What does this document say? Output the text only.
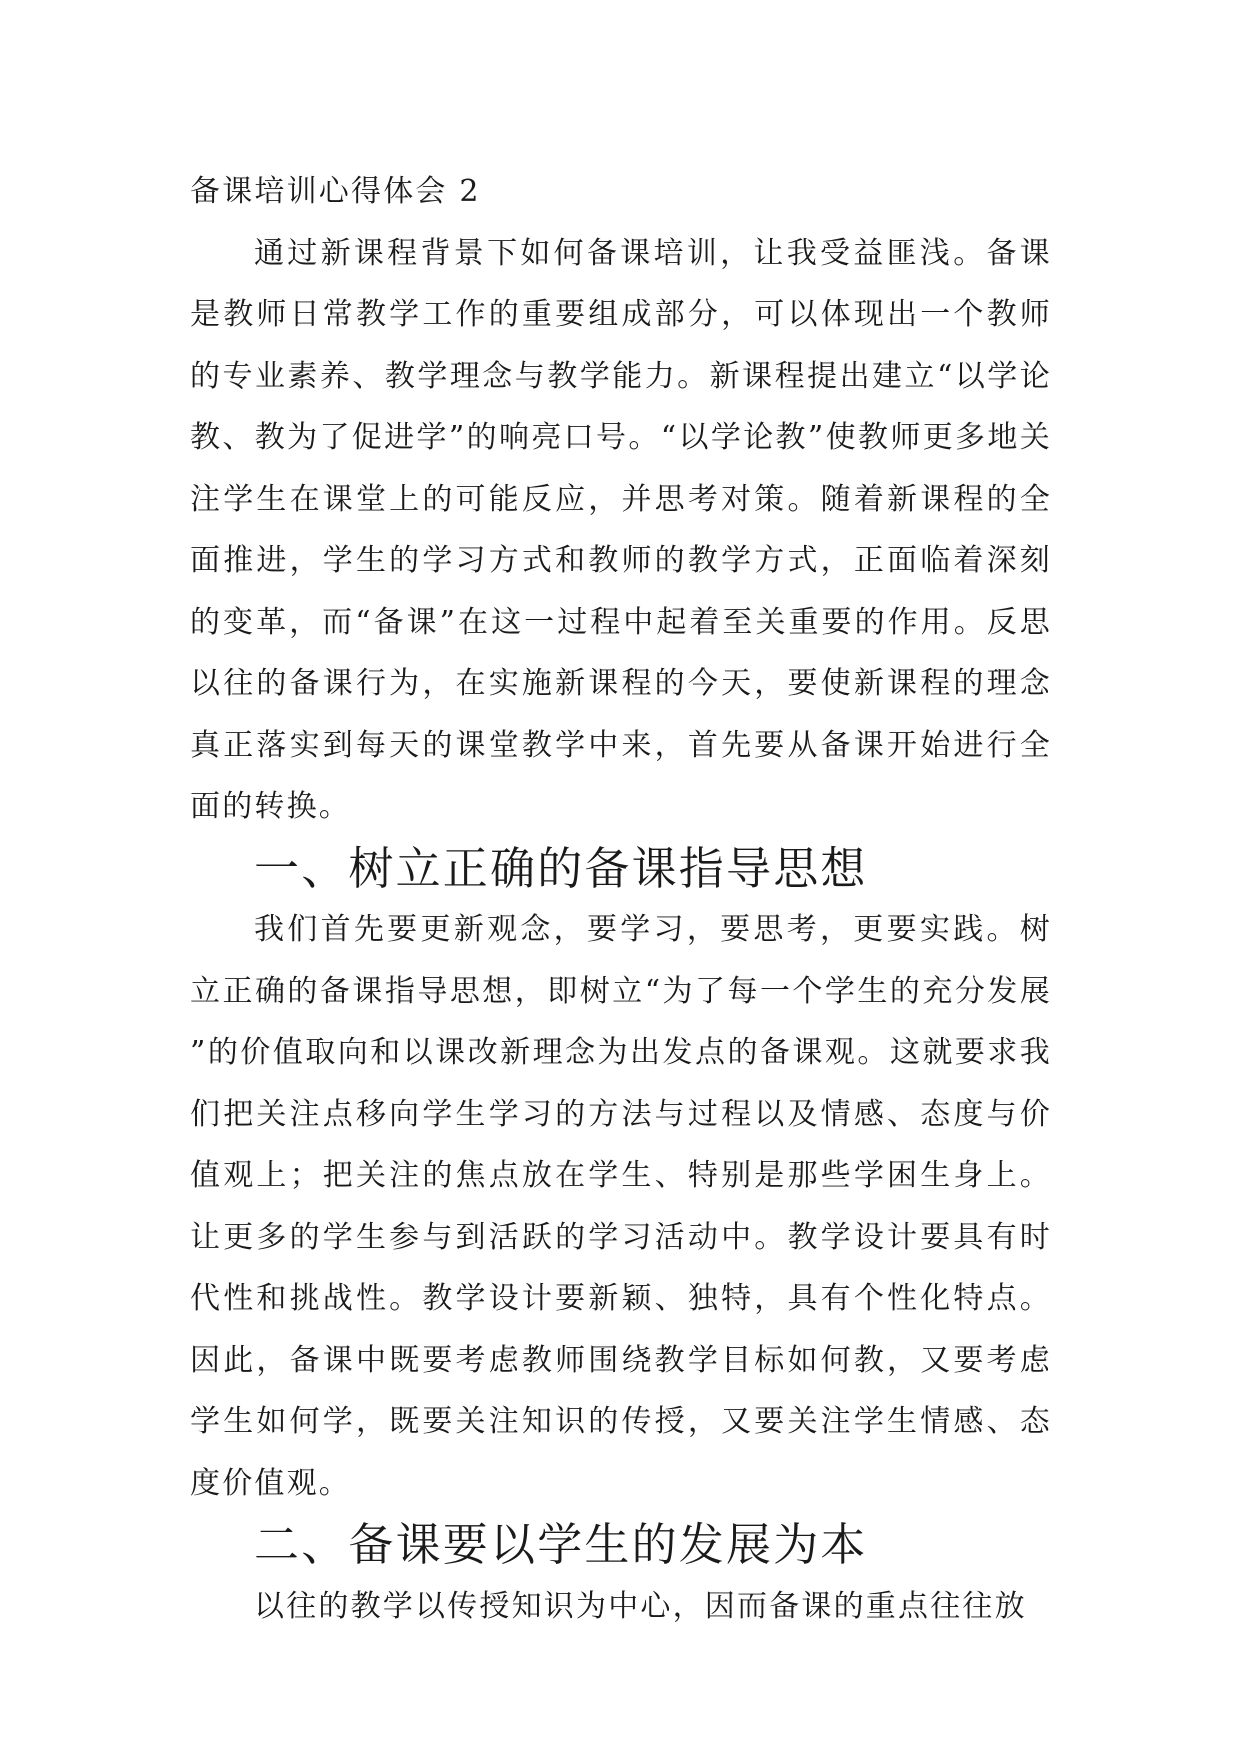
备课培训心得体会 2

通过新课程背景下如何备课培训，让我受益匪浅。备课是教师日常教学工作的重要组成部分，可以体现出一个教师的专业素养、教学理念与教学能力。新课程提出建立“以学论教、教为了促进学”的响亮口号。“以学论教”使教师更多地关注学生在课堂上的可能反应，并思考对策。随着新课程的全面推进，学生的学习方式和教师的教学方式，正面临着深刻的变革，而“备课”在这一过程中起着至关重要的作用。反思以往的备课行为，在实施新课程的今天，要使新课程的理念真正落实到每天的课堂教学中来，首先要从备课开始进行全面的转换。

一、树立正确的备课指导思想

我们首先要更新观念，要学习，要思考，更要实践。树立正确的备课指导思想，即树立“为了每一个学生的充分发展”的价值取向和以课改新理念为出发点的备课观。这就要求我们把关注点移向学生学习的方法与过程以及情感、态度与价值观上；把关注的焦点放在学生、特别是那些学困生身上。让更多的学生参与到活跃的学习活动中。教学设计要具有时代性和挑战性。教学设计要新颖、独特，具有个性化特点。因此，备课中既要考虑教师围绕教学目标如何教，又要考虑学生如何学，既要关注知识的传授，又要关注学生情感、态度价值观。

二、备课要以学生的发展为本

以往的教学以传授知识为中心，因而备课的重点往往放
